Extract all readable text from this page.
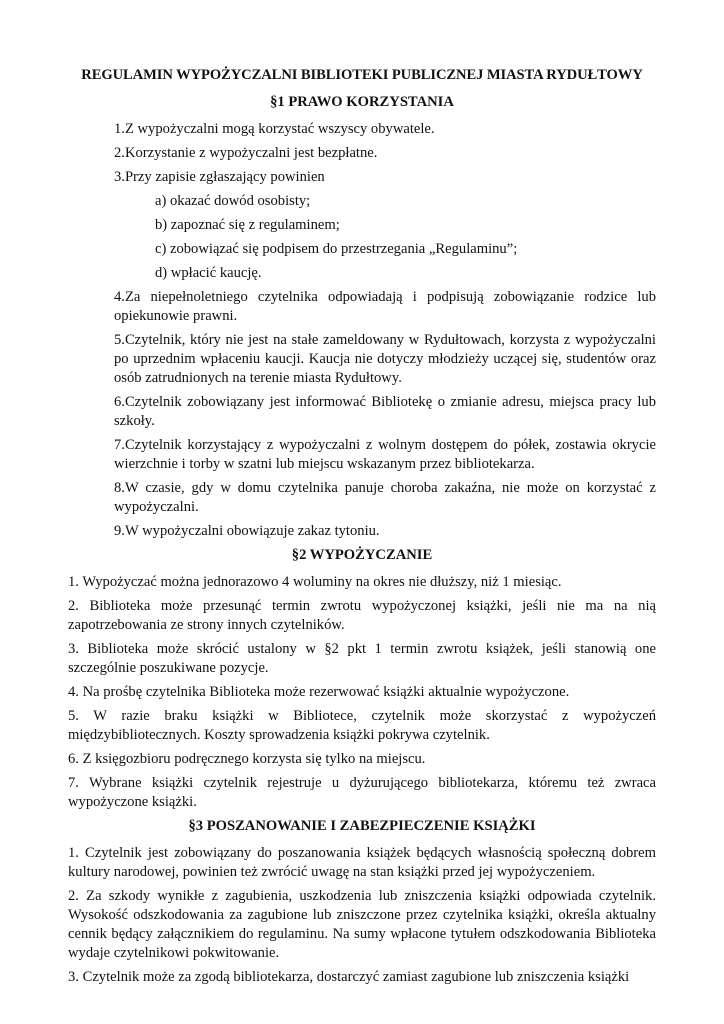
REGULAMIN WYPOŻYCZALNI BIBLIOTEKI PUBLICZNEJ MIASTA RYDUŁTOWY
§1 PRAWO KORZYSTANIA

1.Z wypożyczalni mogą korzystać wszyscy obywatele.

2.Korzystanie z wypożyczalni jest bezpłatne.

3.Przy zapisie zgłaszający powinien

a) okazać dowód osobisty;

b) zapoznać się z regulaminem;

c) zobowiązać się podpisem do przestrzegania „Regulaminu”;

d) wpłacić kaucję.

4.Za niepełnoletniego czytelnika odpowiadają i podpisują zobowiązanie rodzice lub opiekunowie prawni.

5.Czytelnik, który nie jest na stałe zameldowany w Rydułtowach, korzysta z wypożyczalni po uprzednim wpłaceniu kaucji. Kaucja nie dotyczy młodzieży uczącej się, studentów oraz osób zatrudnionych na terenie miasta Rydułtowy.

6.Czytelnik zobowiązany jest informować Bibliotekę o zmianie adresu, miejsca pracy lub szkoły.

7.Czytelnik korzystający z wypożyczalni z wolnym dostępem do półek, zostawia okrycie wierzchnie i torby w szatni lub miejscu wskazanym przez bibliotekarza.

8.W czasie, gdy w domu czytelnika panuje choroba zakaźna, nie może on korzystać z wypożyczalni.

9.W wypożyczalni obowiązuje zakaz tytoniu.

§2 WYPOŻYCZANIE

1. Wypożyczać można jednorazowo 4 woluminy na okres nie dłuższy, niż 1 miesiąc.

2. Biblioteka może przesunąć termin zwrotu wypożyczonej książki, jeśli nie ma na nią zapotrzebowania ze strony innych czytelników.

3. Biblioteka może skrócić ustalony w §2 pkt 1 termin zwrotu książek, jeśli stanowią one szczególnie poszukiwane pozycje.

4. Na prośbę czytelnika Biblioteka może rezerwować książki aktualnie wypożyczone.

5. W razie braku książki w Bibliotece, czytelnik może skorzystać z wypożyczeń międzybibliotecznych. Koszty sprowadzenia książki pokrywa czytelnik.

6. Z księgozbioru podręcznego korzysta się tylko na miejscu.

7. Wybrane książki czytelnik rejestruje u dyżurującego bibliotekarza, któremu też zwraca wypożyczone książki.

§3 POSZANOWANIE I ZABEZPIECZENIE KSIĄŻKI

1. Czytelnik jest zobowiązany do poszanowania książek będących własnością społeczną dobrem kultury narodowej, powinien też zwrócić uwagę na stan książki przed jej wypożyczeniem.

2. Za szkody wynikłe z zagubienia, uszkodzenia lub zniszczenia książki odpowiada czytelnik. Wysokość odszkodowania za zagubione lub zniszczone przez czytelnika książki, określa aktualny cennik będący załącznikiem do regulaminu. Na sumy wpłacone tytułem odszkodowania Biblioteka wydaje czytelnikowi pokwitowanie.

3. Czytelnik może za zgodą bibliotekarza, dostarczyć zamiast zagubione lub zniszczenia książki
